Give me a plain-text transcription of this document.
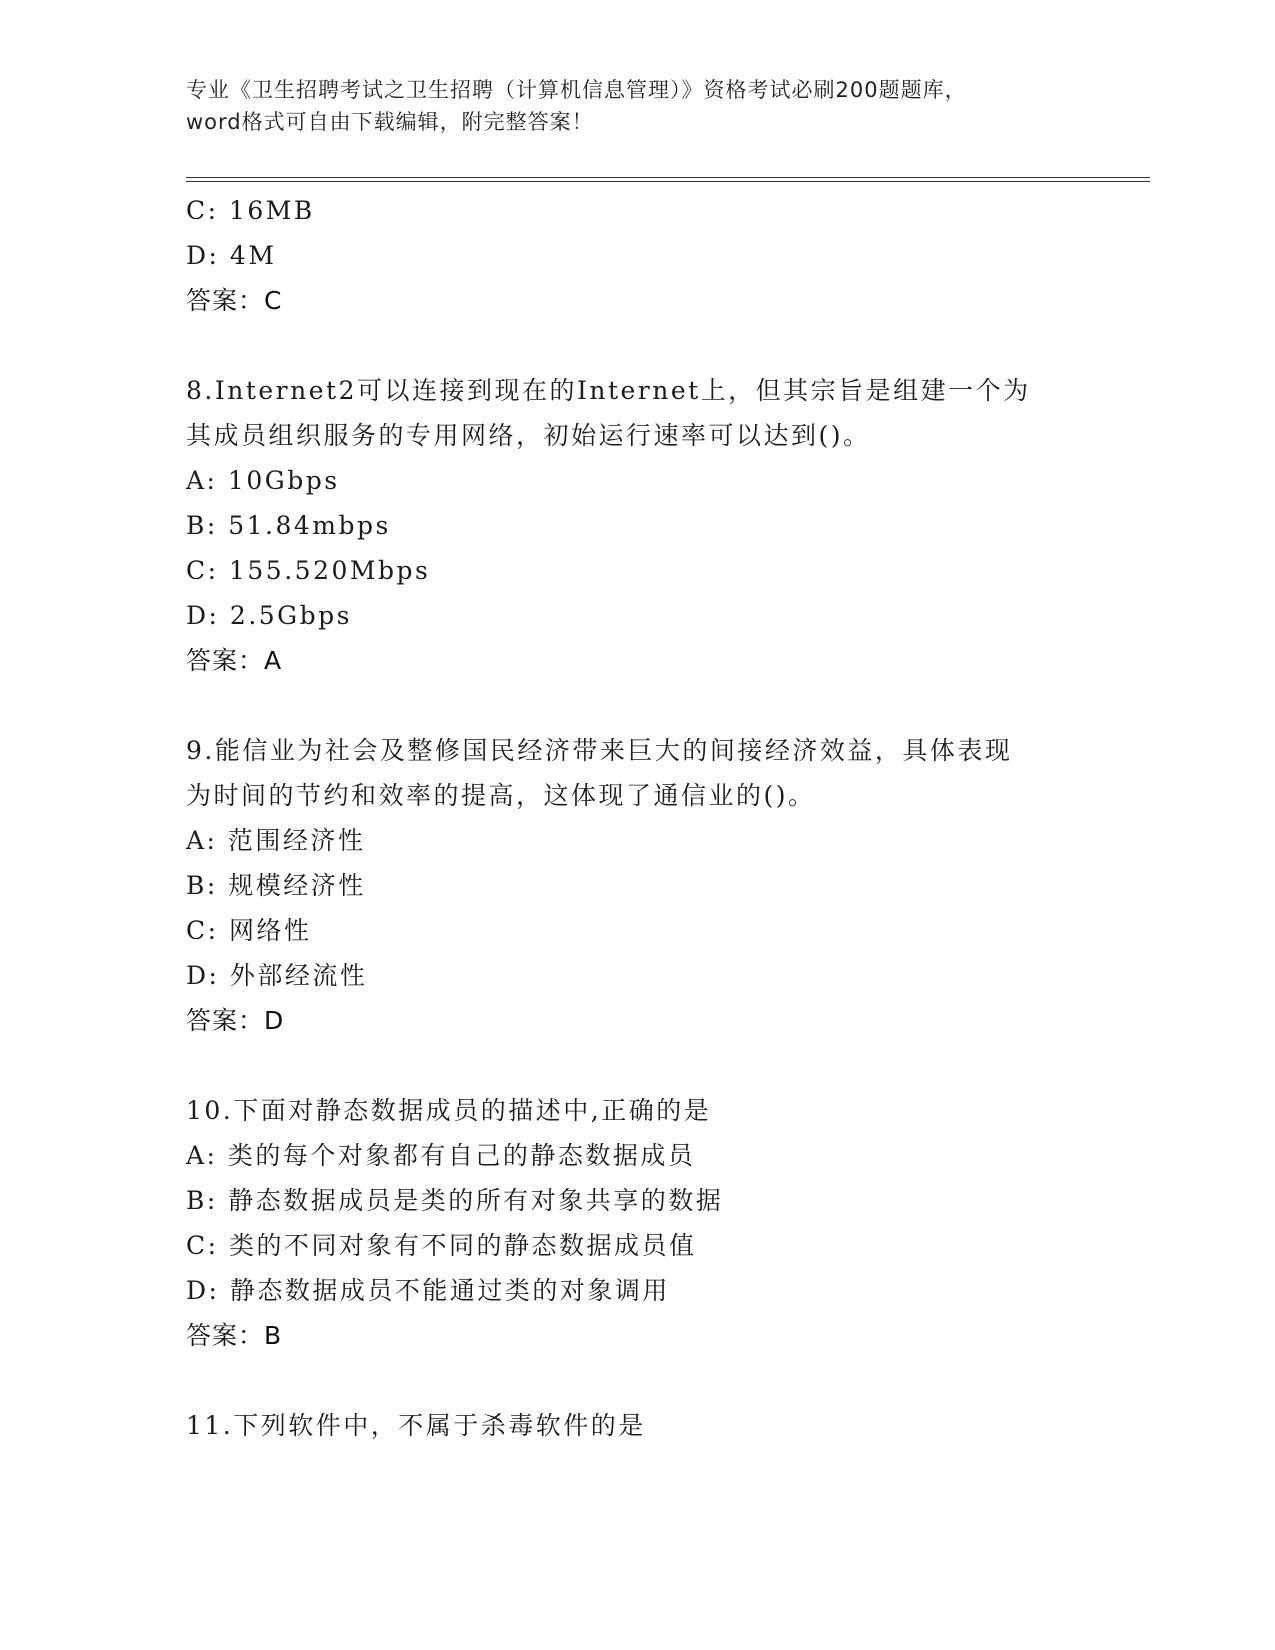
专业《卫生招聘考试之卫生招聘（计算机信息管理）》资格考试必刷200题题库，
word格式可自由下载编辑，附完整答案！
C: 16MB
D: 4M
答案：C
8.Internet2可以连接到现在的Internet上，但其宗旨是组建一个为
其成员组织服务的专用网络，初始运行速率可以达到()。
A: 10Gbps
B: 51.84mbps
C: 155.520Mbps
D: 2.5Gbps
答案：A
9.能信业为社会及整修国民经济带来巨大的间接经济效益，具体表现
为时间的节约和效率的提高，这体现了通信业的()。
A: 范围经济性
B: 规模经济性
C: 网络性
D: 外部经流性
答案：D
10.下面对静态数据成员的描述中,正确的是
A: 类的每个对象都有自己的静态数据成员
B: 静态数据成员是类的所有对象共享的数据
C: 类的不同对象有不同的静态数据成员值
D: 静态数据成员不能通过类的对象调用
答案：B
11.下列软件中，不属于杀毒软件的是
